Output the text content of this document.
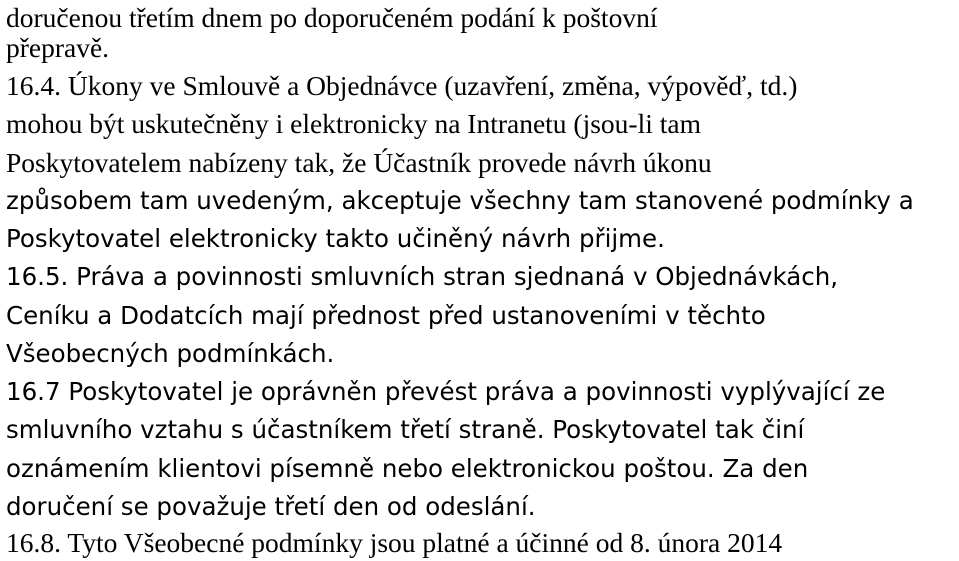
doručenou třetím dnem po doporučeném podání k poštovní
přepravě.
16.4. Úkony ve Smlouvě a Objednávce (uzavření, změna, výpověď, td.)
mohou být uskutečněny i elektronicky na Intranetu (jsou-li tam
Poskytovatelem nabízeny tak, že Účastník provede návrh úkonu
způsobem tam uvedeným, akceptuje všechny tam stanovené podmínky a
Poskytovatel elektronicky takto učiněný návrh přijme.
16.5. Práva a povinnosti smluvních stran sjednaná v Objednávkách,
Ceníku a Dodatcích mají přednost před ustanoveními v těchto
Všeobecných podmínkách.
16.7 Poskytovatel je oprávněn převést práva a povinnosti vyplývající ze
smluvního vztahu s účastníkem třetí straně. Poskytovatel tak činí
oznámením klientovi písemně nebo elektronickou poštou. Za den
doručení se považuje třetí den od odeslání.
16.8. Tyto Všeobecné podmínky jsou platné a účinné od 8. února 2014
